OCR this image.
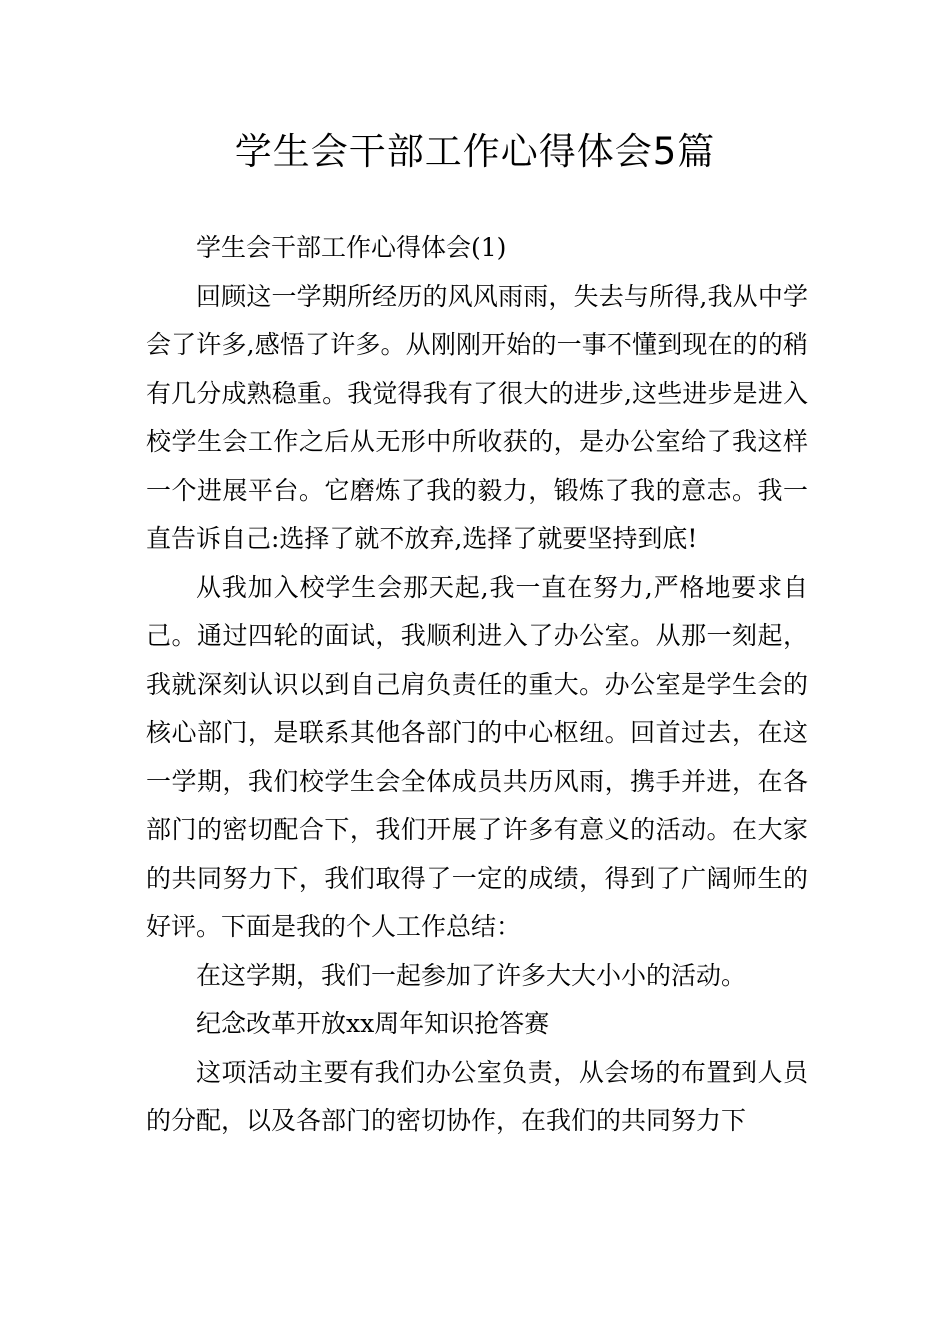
学生会干部工作心得体会5篇

学生会干部工作心得体会(1)

回顾这一学期所经历的风风雨雨，失去与所得,我从中学会了许多,感悟了许多。从刚刚开始的一事不懂到现在的的稍有几分成熟稳重。我觉得我有了很大的进步,这些进步是进入校学生会工作之后从无形中所收获的，是办公室给了我这样一个进展平台。它磨炼了我的毅力，锻炼了我的意志。我一直告诉自己:选择了就不放弃,选择了就要坚持到底!

从我加入校学生会那天起,我一直在努力,严格地要求自己。通过四轮的面试，我顺利进入了办公室。从那一刻起，我就深刻认识以到自己肩负责任的重大。办公室是学生会的核心部门，是联系其他各部门的中心枢纽。回首过去，在这一学期，我们校学生会全体成员共历风雨，携手并进，在各部门的密切配合下，我们开展了许多有意义的活动。在大家的共同努力下，我们取得了一定的成绩，得到了广阔师生的好评。下面是我的个人工作总结：

在这学期，我们一起参加了许多大大小小的活动。

纪念改革开放xx周年知识抢答赛

这项活动主要有我们办公室负责，从会场的布置到人员的分配，以及各部门的密切协作，在我们的共同努力下
